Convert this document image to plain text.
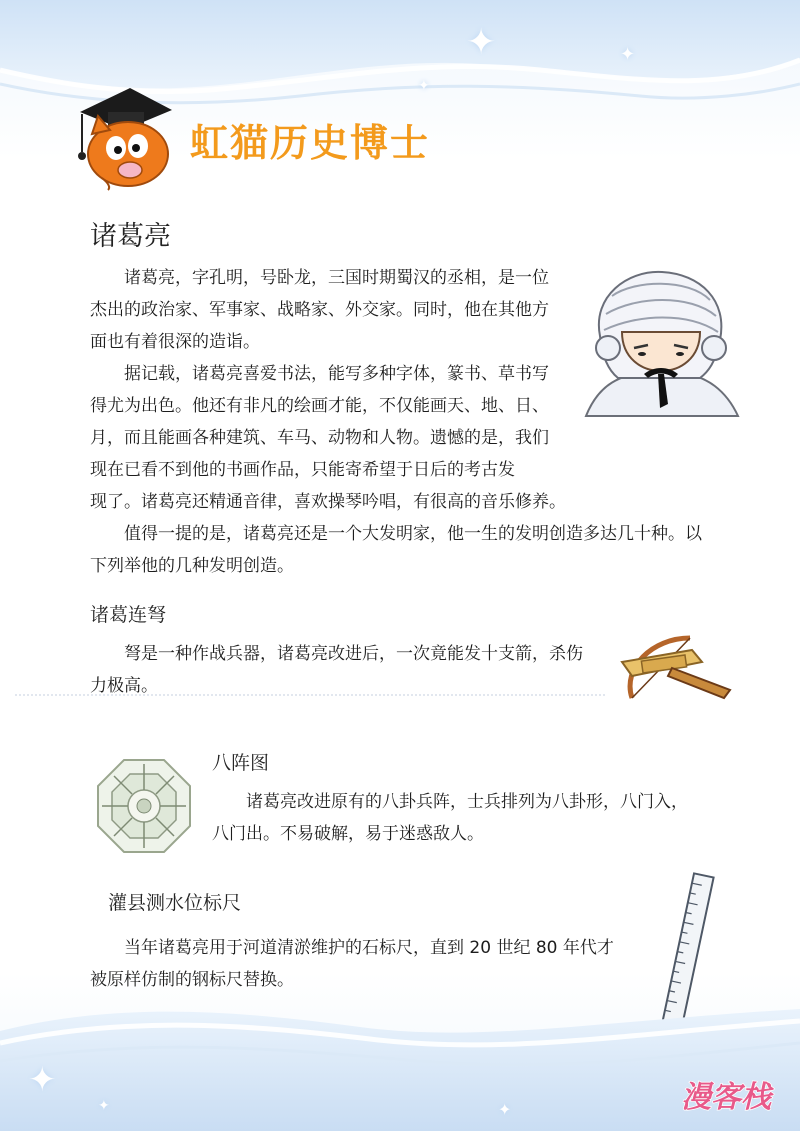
✦	✦
✦
虹猫历史博士
诸葛亮

诸葛亮，字孔明，号卧龙，三国时期蜀汉的丞相，是一位
杰出的政治家、军事家、战略家、外交家。同时，他在其他方
面也有着很深的造诣。

据记载，诸葛亮喜爱书法，能写多种字体，篆书、草书写
得尤为出色。他还有非凡的绘画才能，不仅能画天、地、日、
月，而且能画各种建筑、车马、动物和人物。遗憾的是，我们
现在已看不到他的书画作品，只能寄希望于日后的考古发
现了。诸葛亮还精通音律，喜欢操琴吟唱，有很高的音乐修养。

值得一提的是，诸葛亮还是一个大发明家，他一生的发明创造多达几十种。以
下列举他的几种发明创造。

诸葛连弩

弩是一种作战兵器，诸葛亮改进后，一次竟能发十支箭，杀伤
力极高。

八阵图

诸葛亮改进原有的八卦兵阵，士兵排列为八卦形，八门入，
八门出。不易破解，易于迷惑敌人。

灌县测水位标尺

当年诸葛亮用于河道清淤维护的石标尺，直到 20 世纪 80 年代才
被原样仿制的钢标尺替换。

✦
✦	✦	漫客栈
